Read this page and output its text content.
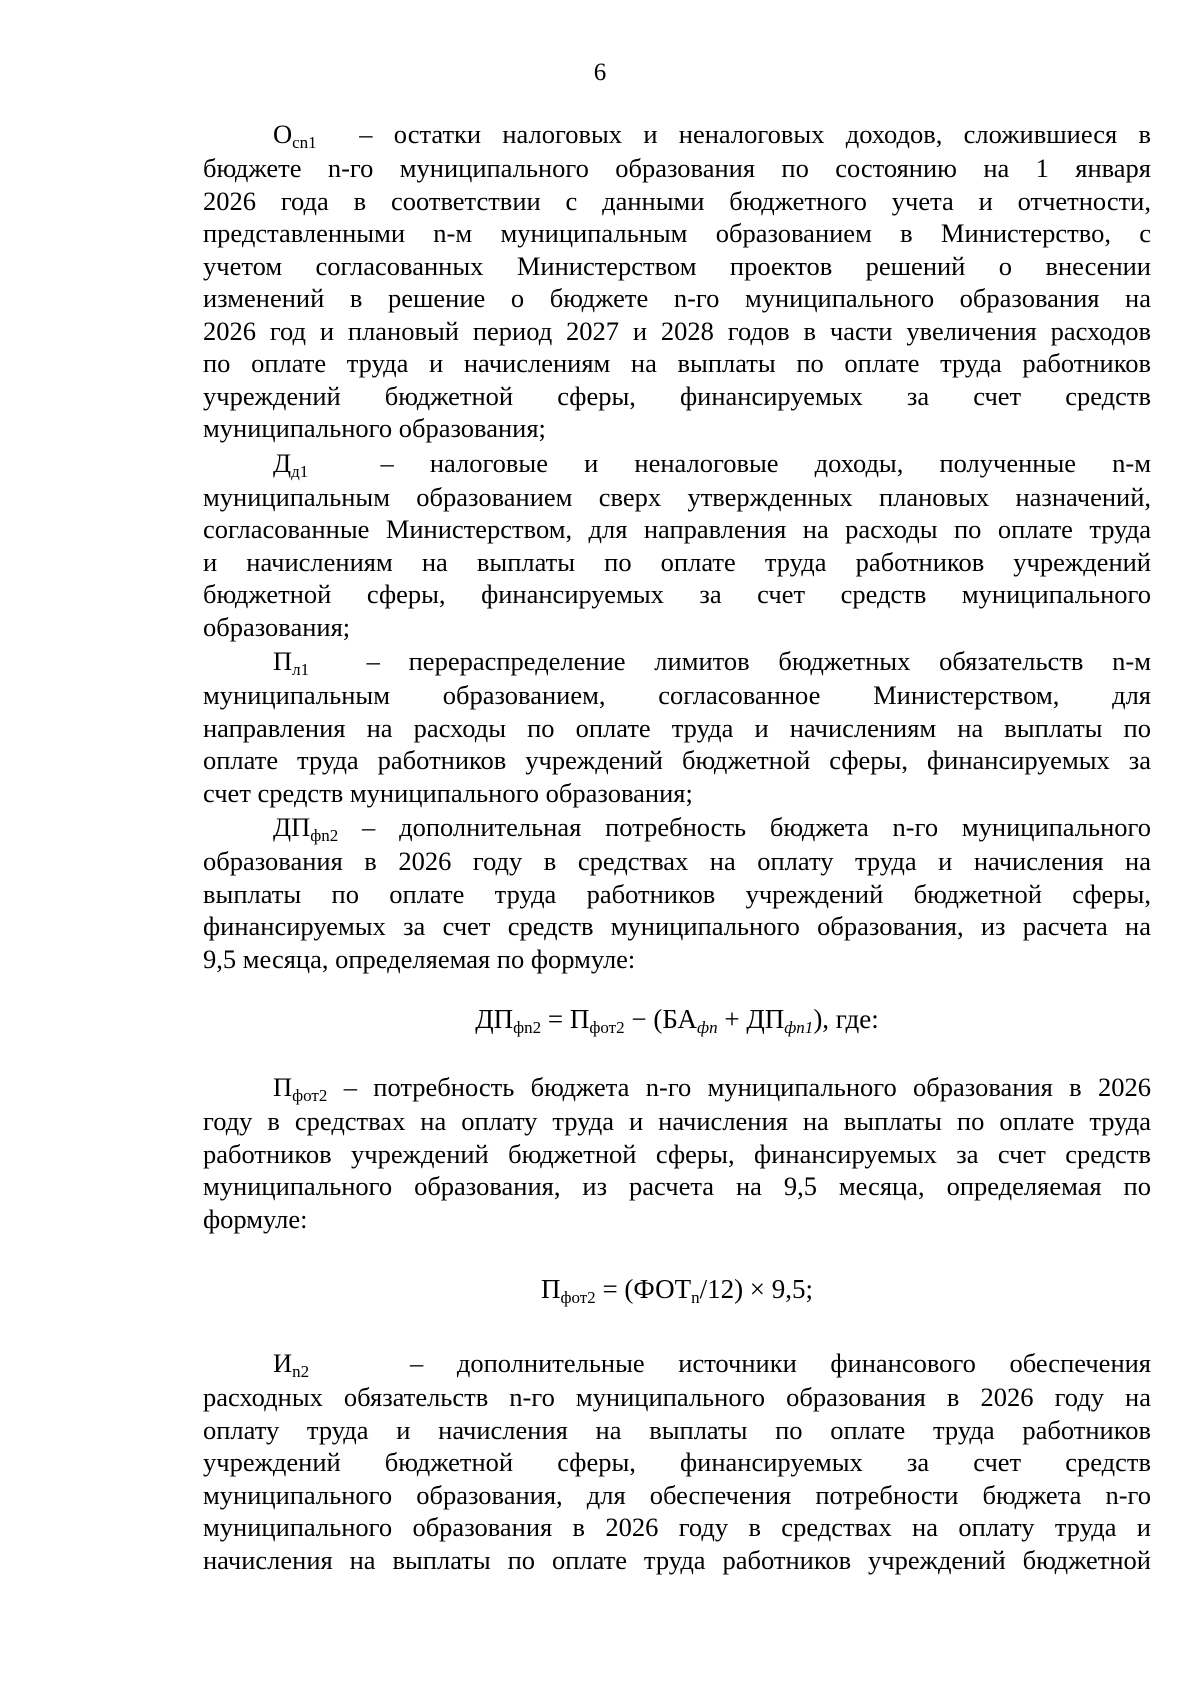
6
$О_{cn1}$ – остатки налоговых и неналоговых доходов, сложившиеся в
бюджете n-го муниципального образования по состоянию на 1 января
2026 года в соответствии с данными бюджетного учета и отчетности,
представленными n-м муниципальным образованием в Министерство, с
учетом согласованных Министерством проектов решений о внесении
изменений в решение о бюджете n-го муниципального образования на
2026 год и плановый период 2027 и 2028 годов в части увеличения расходов
по оплате труда и начислениям на выплаты по оплате труда работников
учреждений бюджетной сферы, финансируемых за счет средств
муниципального образования;
$Д_{д1}$	– налоговые и неналоговые доходы, полученные n-м
муниципальным образованием сверх утвержденных плановых назначений,
согласованные Министерством, для направления на расходы по оплате труда
и начислениям на выплаты по оплате труда работников учреждений
бюджетной сферы, финансируемых за счет средств муниципального
образования;
$П_{л1}$ – перераспределение лимитов бюджетных обязательств n-м
муниципальным образованием, согласованное Министерством, для
направления на расходы по оплате труда и начислениям на выплаты по
оплате труда работников учреждений бюджетной сферы, финансируемых за
счет средств муниципального образования;
$ДП_{фn2}$ – дополнительная потребность бюджета n-го муниципального
образования в 2026 году в средствах на оплату труда и начисления на
выплаты по оплате труда работников учреждений бюджетной сферы,
финансируемых за счет средств муниципального образования, из расчета на
9,5 месяца, определяемая по формуле:
$ДП_{фn2} = П_{фот2} - (БА_{фn} + ДП_{фn1})$, где:
$П_{фот2}$ – потребность бюджета n-го муниципального образования в 2026
году в средствах на оплату труда и начисления на выплаты по оплате труда
работников учреждений бюджетной сферы, финансируемых за счет средств
муниципального образования, из расчета на 9,5 месяца, определяемая по
формуле:
$П_{фот2} = (ФОТ_n/12) \times 9,5$;
$И_{n2}$	– дополнительные источники финансового обеспечения
расходных обязательств n-го муниципального образования в 2026 году на
оплату труда и начисления на выплаты по оплате труда работников
учреждений бюджетной сферы, финансируемых за счет средств
муниципального образования, для обеспечения потребности бюджета n-го
муниципального образования в 2026 году в средствах на оплату труда и
начисления на выплаты по оплате труда работников учреждений бюджетной
